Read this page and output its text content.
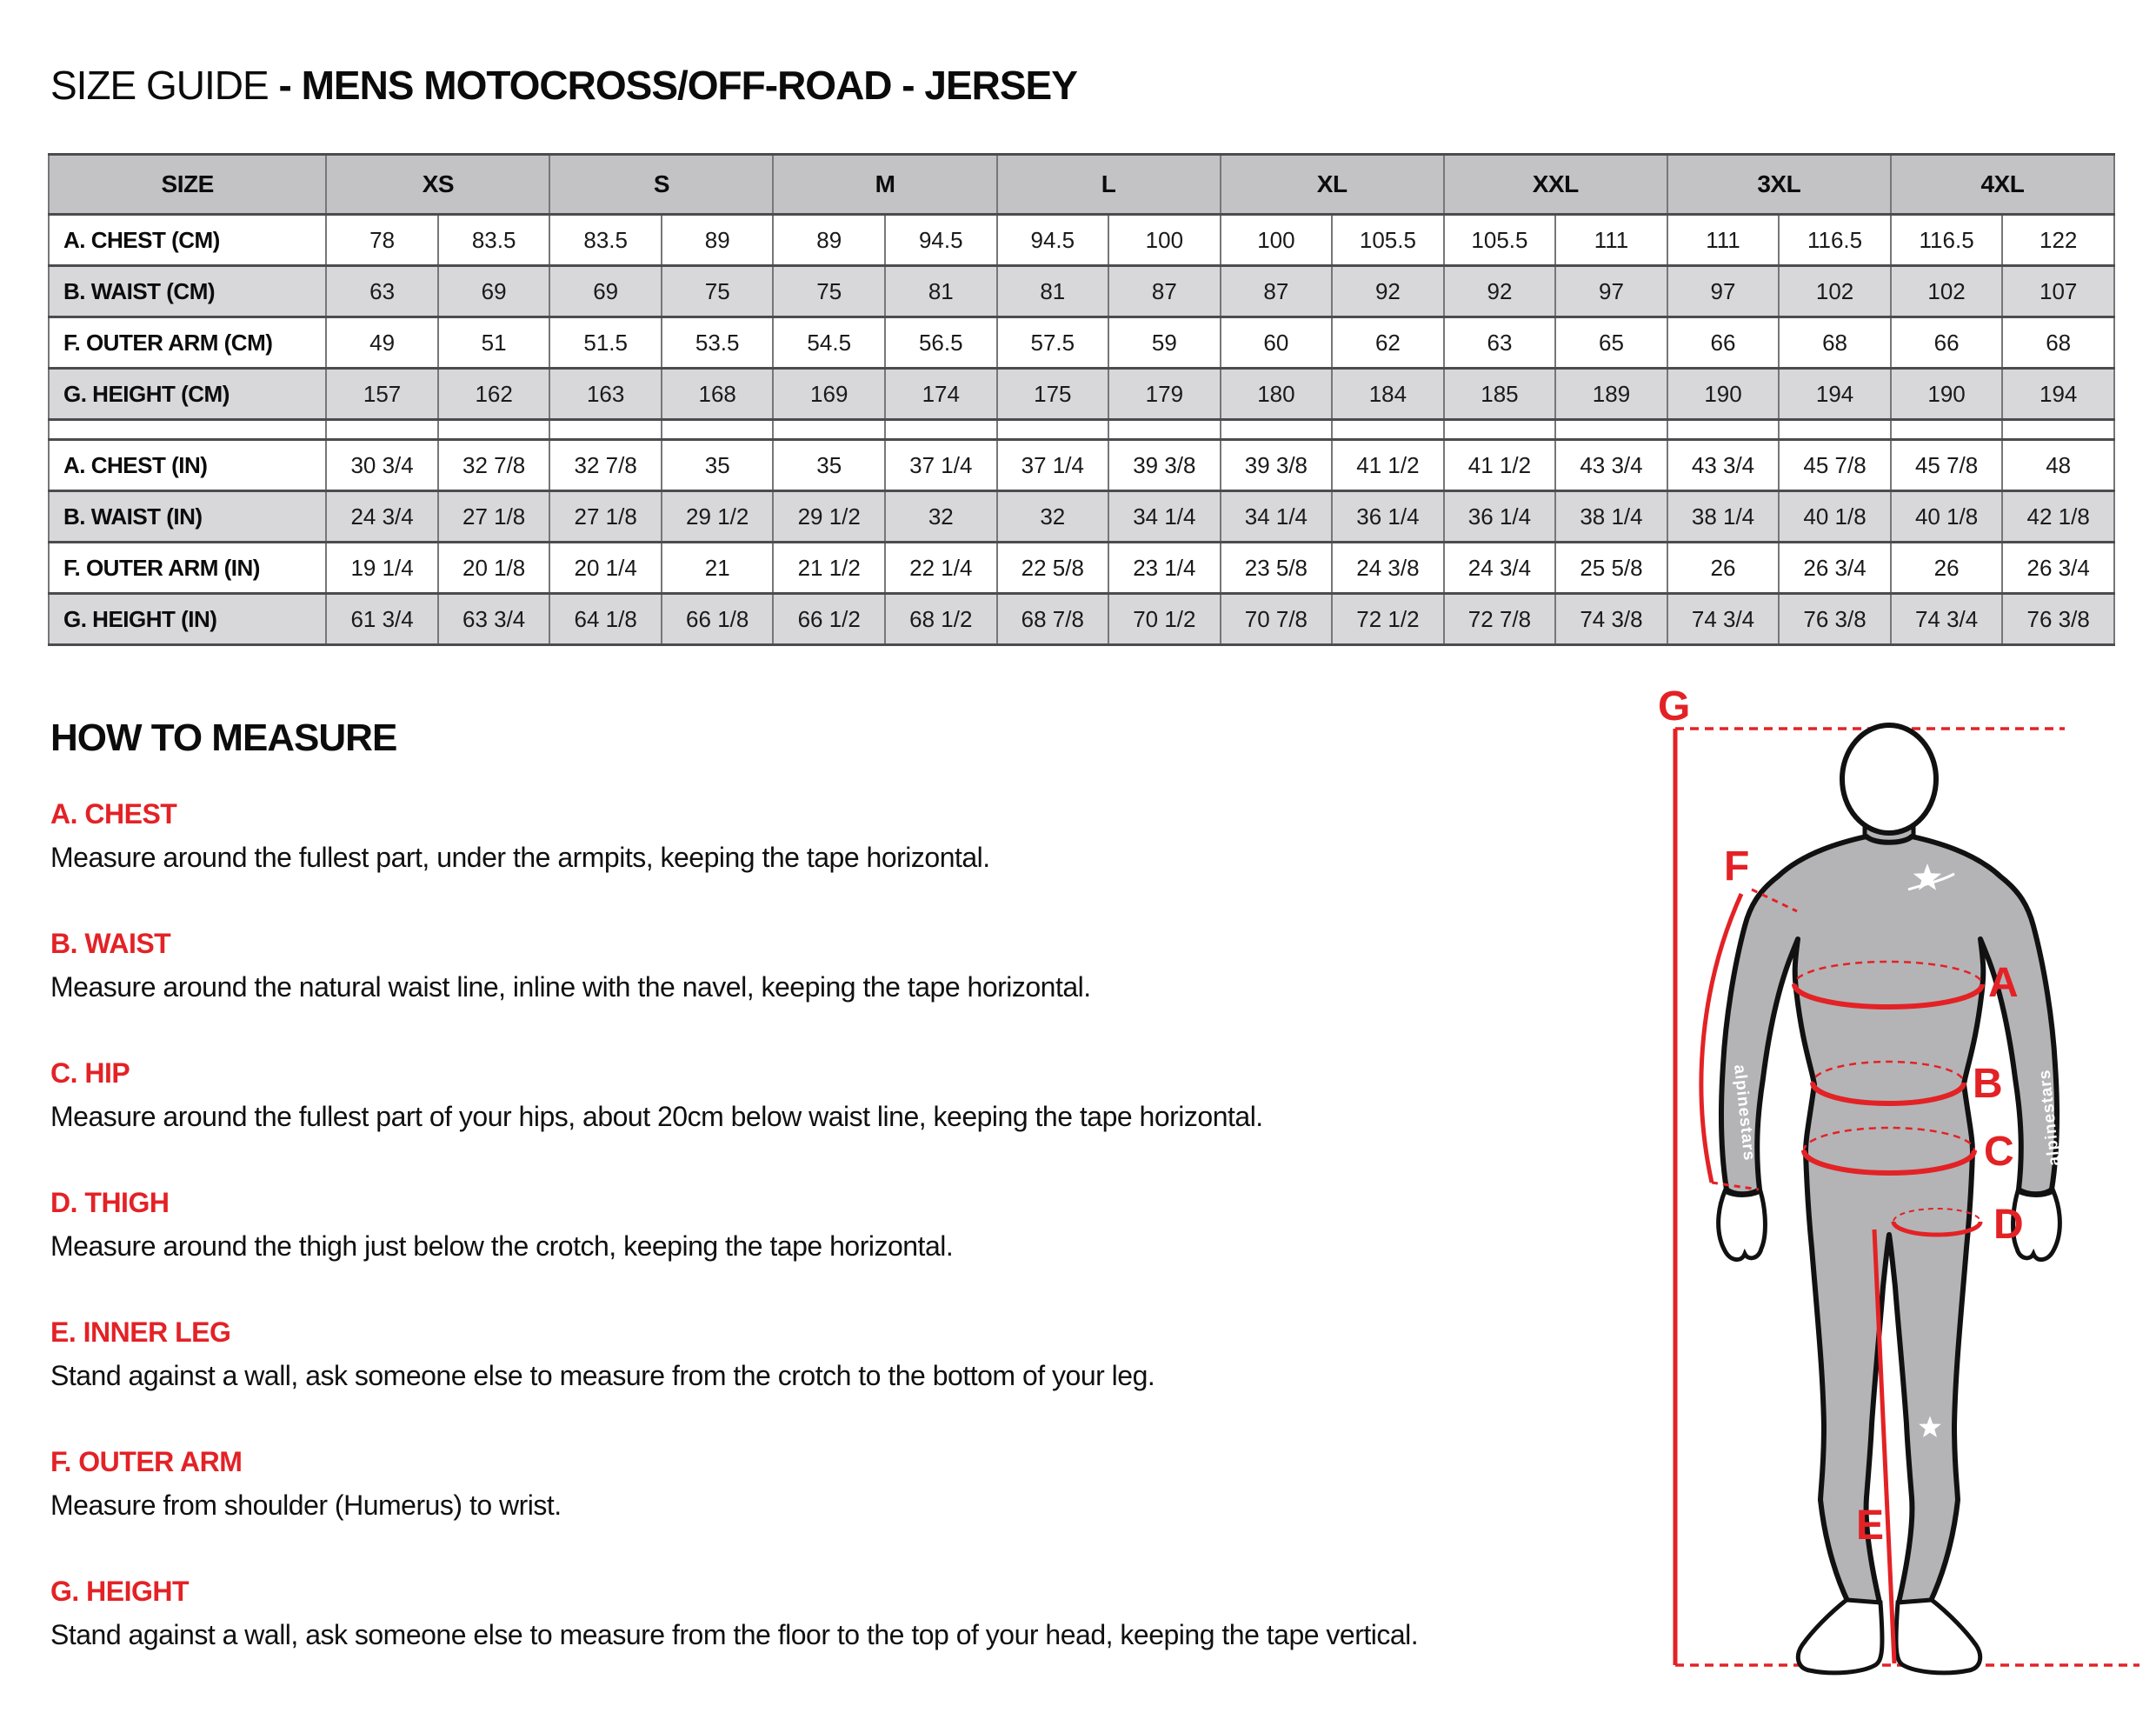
SIZE GUIDE - MENS MOTOCROSS/OFF-ROAD - JERSEY
SIZE	XS		S		M		L		XL		XXL		3XL		4XL	
A. CHEST (CM)	78	83.5	83.5	89	89	94.5	94.5	100	100	105.5	105.5	111	111	116.5	116.5	122
B. WAIST (CM)	63	69	69	75	75	81	81	87	87	92	92	97	97	102	102	107
F. OUTER ARM (CM)	49	51	51.5	53.5	54.5	56.5	57.5	59	60	62	63	65	66	68	66	68
G. HEIGHT (CM)	157	162	163	168	169	174	175	179	180	184	185	189	190	194	190	194

A. CHEST (IN)	30 3/4	32 7/8	32 7/8	35	35	37 1/4	37 1/4	39 3/8	39 3/8	41 1/2	41 1/2	43 3/4	43 3/4	45 7/8	45 7/8	48
B. WAIST (IN)	24 3/4	27 1/8	27 1/8	29 1/2	29 1/2	32	32	34 1/4	34 1/4	36 1/4	36 1/4	38 1/4	38 1/4	40 1/8	40 1/8	42 1/8
F. OUTER ARM (IN)	19 1/4	20 1/8	20 1/4	21	21 1/2	22 1/4	22 5/8	23 1/4	23 5/8	24 3/8	24 3/4	25 5/8	26	26 3/4	26	26 3/4
G. HEIGHT (IN)	61 3/4	63 3/4	64 1/8	66 1/8	66 1/2	68 1/2	68 7/8	70 1/2	70 7/8	72 1/2	72 7/8	74 3/8	74 3/4	76 3/8	74 3/4	76 3/8
HOW TO MEASURE
A. CHEST
Measure around the fullest part, under the armpits, keeping the tape horizontal.
B. WAIST
Measure around the natural waist line, inline with the navel, keeping the tape horizontal.
C. HIP
Measure around the fullest part of your hips, about 20cm below waist line, keeping the tape horizontal.
D. THIGH
Measure around the thigh just below the crotch, keeping the tape horizontal.
E. INNER LEG
Stand against a wall, ask someone else to measure from the crotch to the bottom of your leg.
F. OUTER ARM
Measure from shoulder (Humerus) to wrist.
G. HEIGHT
Stand against a wall, ask someone else to measure from the floor to the top of your head, keeping the tape vertical.
alpinestars	alpinestars
G
F
A
B
C
D
E
